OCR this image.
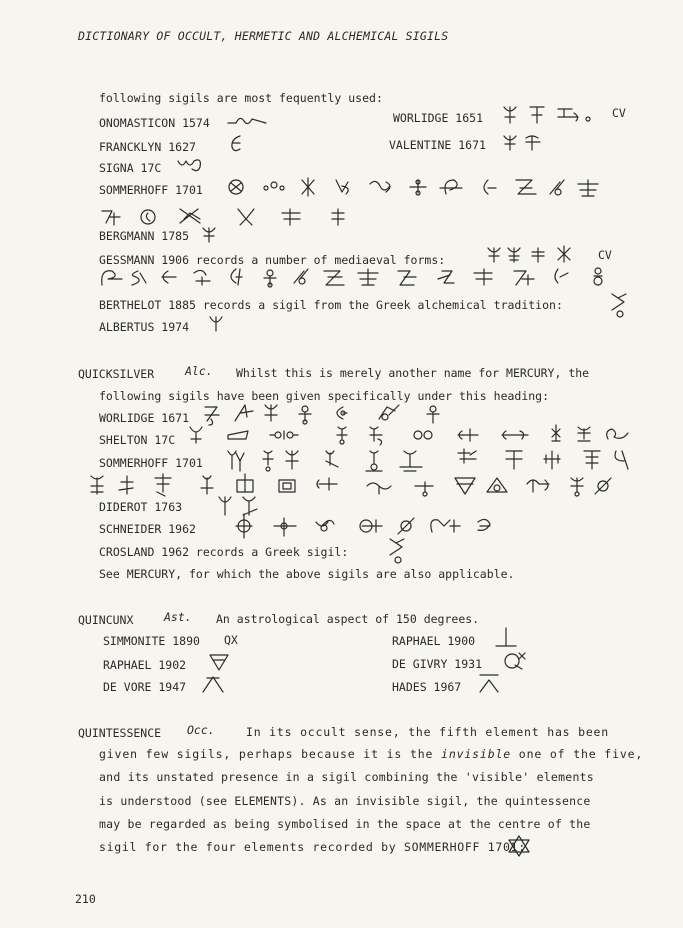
DICTIONARY OF OCCULT, HERMETIC AND ALCHEMICAL SIGILS
following sigils are most fequently used:
ONOMASTICON 1574	WORLIDGE 1651	CV
FRANCKLYN 1627	VALENTINE 1671
SIGNA 17C
SOMMERHOFF 1701
BERGMANN 1785
GESSMANN 1906 records a number of mediaeval forms:	CV
BERTHELOT 1885 records a sigil from the Greek alchemical tradition:
ALBERTUS 1974
QUICKSILVER	Alc. Whilst this is merely another name for MERCURY, the
following sigils have been given specifically under this heading:
WORLIDGE 1671
SHELTON 17C
SOMMERHOFF 1701
DIDEROT 1763
SCHNEIDER 1962
CROSLAND 1962 records a Greek sigil:
See MERCURY, for which the above sigils are also applicable.
QUINCUNX	Ast. An astrological aspect of 150 degrees.
SIMMONITE 1890 QX	RAPHAEL 1900
RAPHAEL 1902	DE GIVRY 1931
DE VORE 1947	HADES 1967
QUINTESSENCE Occ.	In its occult sense, the fifth element has been
given few sigils, perhaps because it is the invisible one of the five,
and its unstated presence in a sigil combining the 'visible' elements
is understood (see ELEMENTS). As an invisible sigil, the quintessence
may be regarded as being symbolised in the space at the centre of the
sigil for the four elements recorded by SOMMERHOFF 1701:
210
